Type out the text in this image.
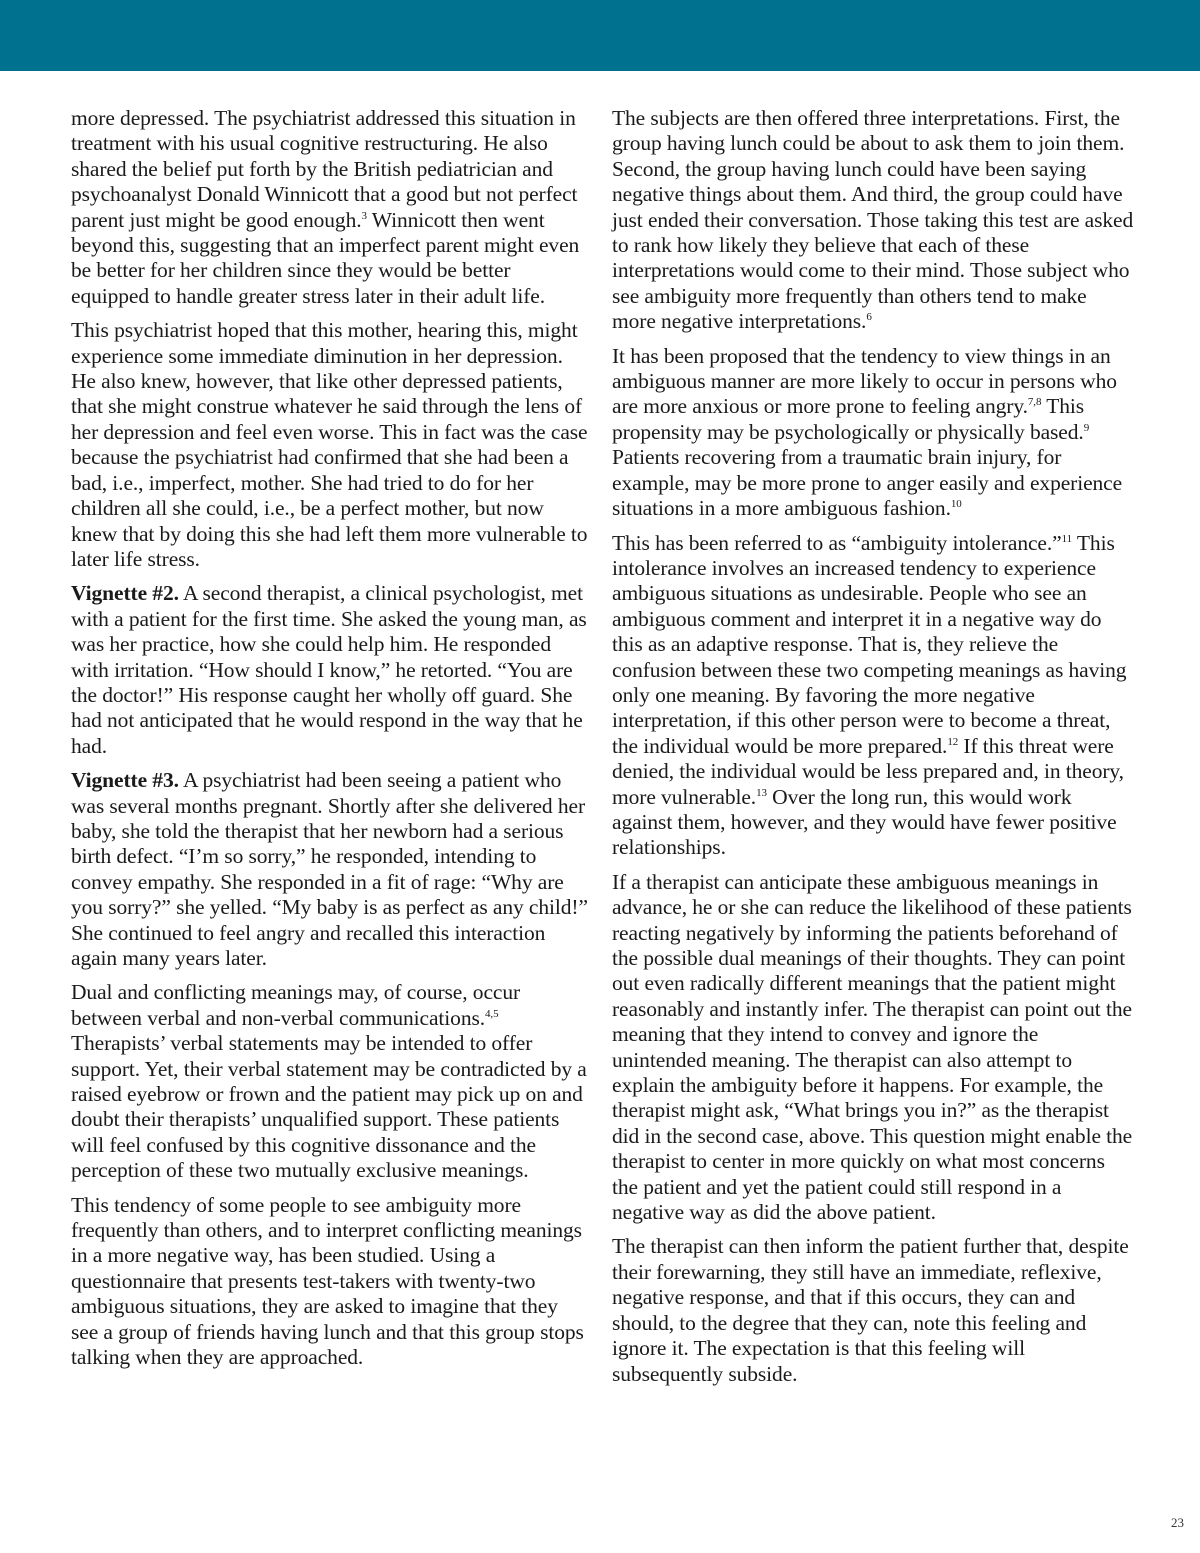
more depressed. The psychiatrist addressed this situation in treatment with his usual cognitive restructuring. He also shared the belief put forth by the British pediatrician and psychoanalyst Donald Winnicott that a good but not perfect parent just might be good enough.$^3$ Winnicott then went beyond this, suggesting that an imperfect parent might even be better for her children since they would be better equipped to handle greater stress later in their adult life.

This psychiatrist hoped that this mother, hearing this, might experience some immediate diminution in her depression. He also knew, however, that like other depressed patients, that she might construe whatever he said through the lens of her depression and feel even worse. This in fact was the case because the psychiatrist had confirmed that she had been a bad, i.e., imperfect, mother. She had tried to do for her children all she could, i.e., be a perfect mother, but now knew that by doing this she had left them more vulnerable to later life stress.

Vignette #2. A second therapist, a clinical psychologist, met with a patient for the first time. She asked the young man, as was her practice, how she could help him. He responded with irritation. “How should I know,” he retorted. “You are the doctor!” His response caught her wholly off guard. She had not anticipated that he would respond in the way that he had.

Vignette #3. A psychiatrist had been seeing a patient who was several months pregnant. Shortly after she delivered her baby, she told the therapist that her newborn had a serious birth defect. “I’m so sorry,” he responded, intending to convey empathy. She responded in a fit of rage: “Why are you sorry?” she yelled. “My baby is as perfect as any child!” She continued to feel angry and recalled this interaction again many years later.

Dual and conflicting meanings may, of course, occur between verbal and non-verbal communications.$^{4,5}$ Therapists’ verbal statements may be intended to offer support. Yet, their verbal statement may be contradicted by a raised eyebrow or frown and the patient may pick up on and doubt their therapists’ unqualified support. These patients will feel confused by this cognitive dissonance and the perception of these two mutually exclusive meanings.

This tendency of some people to see ambiguity more frequently than others, and to interpret conflicting meanings in a more negative way, has been studied. Using a questionnaire that presents test-takers with twenty-two ambiguous situations, they are asked to imagine that they see a group of friends having lunch and that this group stops talking when they are approached.

The subjects are then offered three interpretations. First, the group having lunch could be about to ask them to join them. Second, the group having lunch could have been saying negative things about them. And third, the group could have just ended their conversation. Those taking this test are asked to rank how likely they believe that each of these interpretations would come to their mind. Those subject who see ambiguity more frequently than others tend to make more negative interpretations.$^6$

It has been proposed that the tendency to view things in an ambiguous manner are more likely to occur in persons who are more anxious or more prone to feeling angry.$^{7,8}$ This propensity may be psychologically or physically based.$^9$ Patients recovering from a traumatic brain injury, for example, may be more prone to anger easily and experience situations in a more ambiguous fashion.$^{10}$

This has been referred to as “ambiguity intolerance.”$^{11}$ This intolerance involves an increased tendency to experience ambiguous situations as undesirable. People who see an ambiguous comment and interpret it in a negative way do this as an adaptive response. That is, they relieve the confusion between these two competing meanings as having only one meaning. By favoring the more negative interpretation, if this other person were to become a threat, the individual would be more prepared.$^{12}$ If this threat were denied, the individual would be less prepared and, in theory, more vulnerable.$^{13}$ Over the long run, this would work against them, however, and they would have fewer positive relationships.

If a therapist can anticipate these ambiguous meanings in advance, he or she can reduce the likelihood of these patients reacting negatively by informing the patients beforehand of the possible dual meanings of their thoughts. They can point out even radically different meanings that the patient might reasonably and instantly infer. The therapist can point out the meaning that they intend to convey and ignore the unintended meaning. The therapist can also attempt to explain the ambiguity before it happens. For example, the therapist might ask, “What brings you in?” as the therapist did in the second case, above. This question might enable the therapist to center in more quickly on what most concerns the patient and yet the patient could still respond in a negative way as did the above patient.

The therapist can then inform the patient further that, despite their forewarning, they still have an immediate, reflexive, negative response, and that if this occurs, they can and should, to the degree that they can, note this feeling and ignore it. The expectation is that this feeling will subsequently subside.

23
